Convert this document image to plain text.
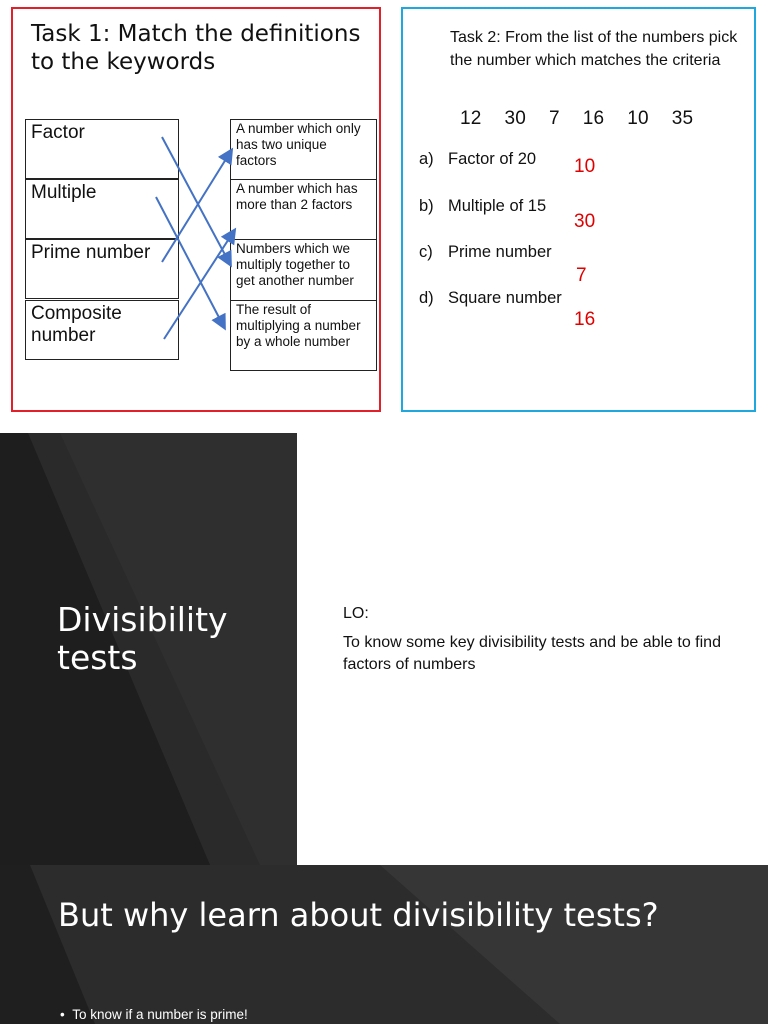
Task 1: Match the definitions to the keywords
Factor
Multiple
Prime number
Composite number
A number which only has two unique factors
A number which has more than 2 factors
Numbers which we multiply together to get another number
The result of multiplying a number by a whole number
Task 2: From the list of the numbers pick the number which matches the criteria
12  30  7  16  10  35
a) Factor of 20 10
b) Multiple of 15
30
c) Prime number
7
d) Square number
16
Divisibility tests
LO:
To know some key divisibility tests and be able to find factors of numbers
But why learn about divisibility tests?
•  To know if a number is prime!
